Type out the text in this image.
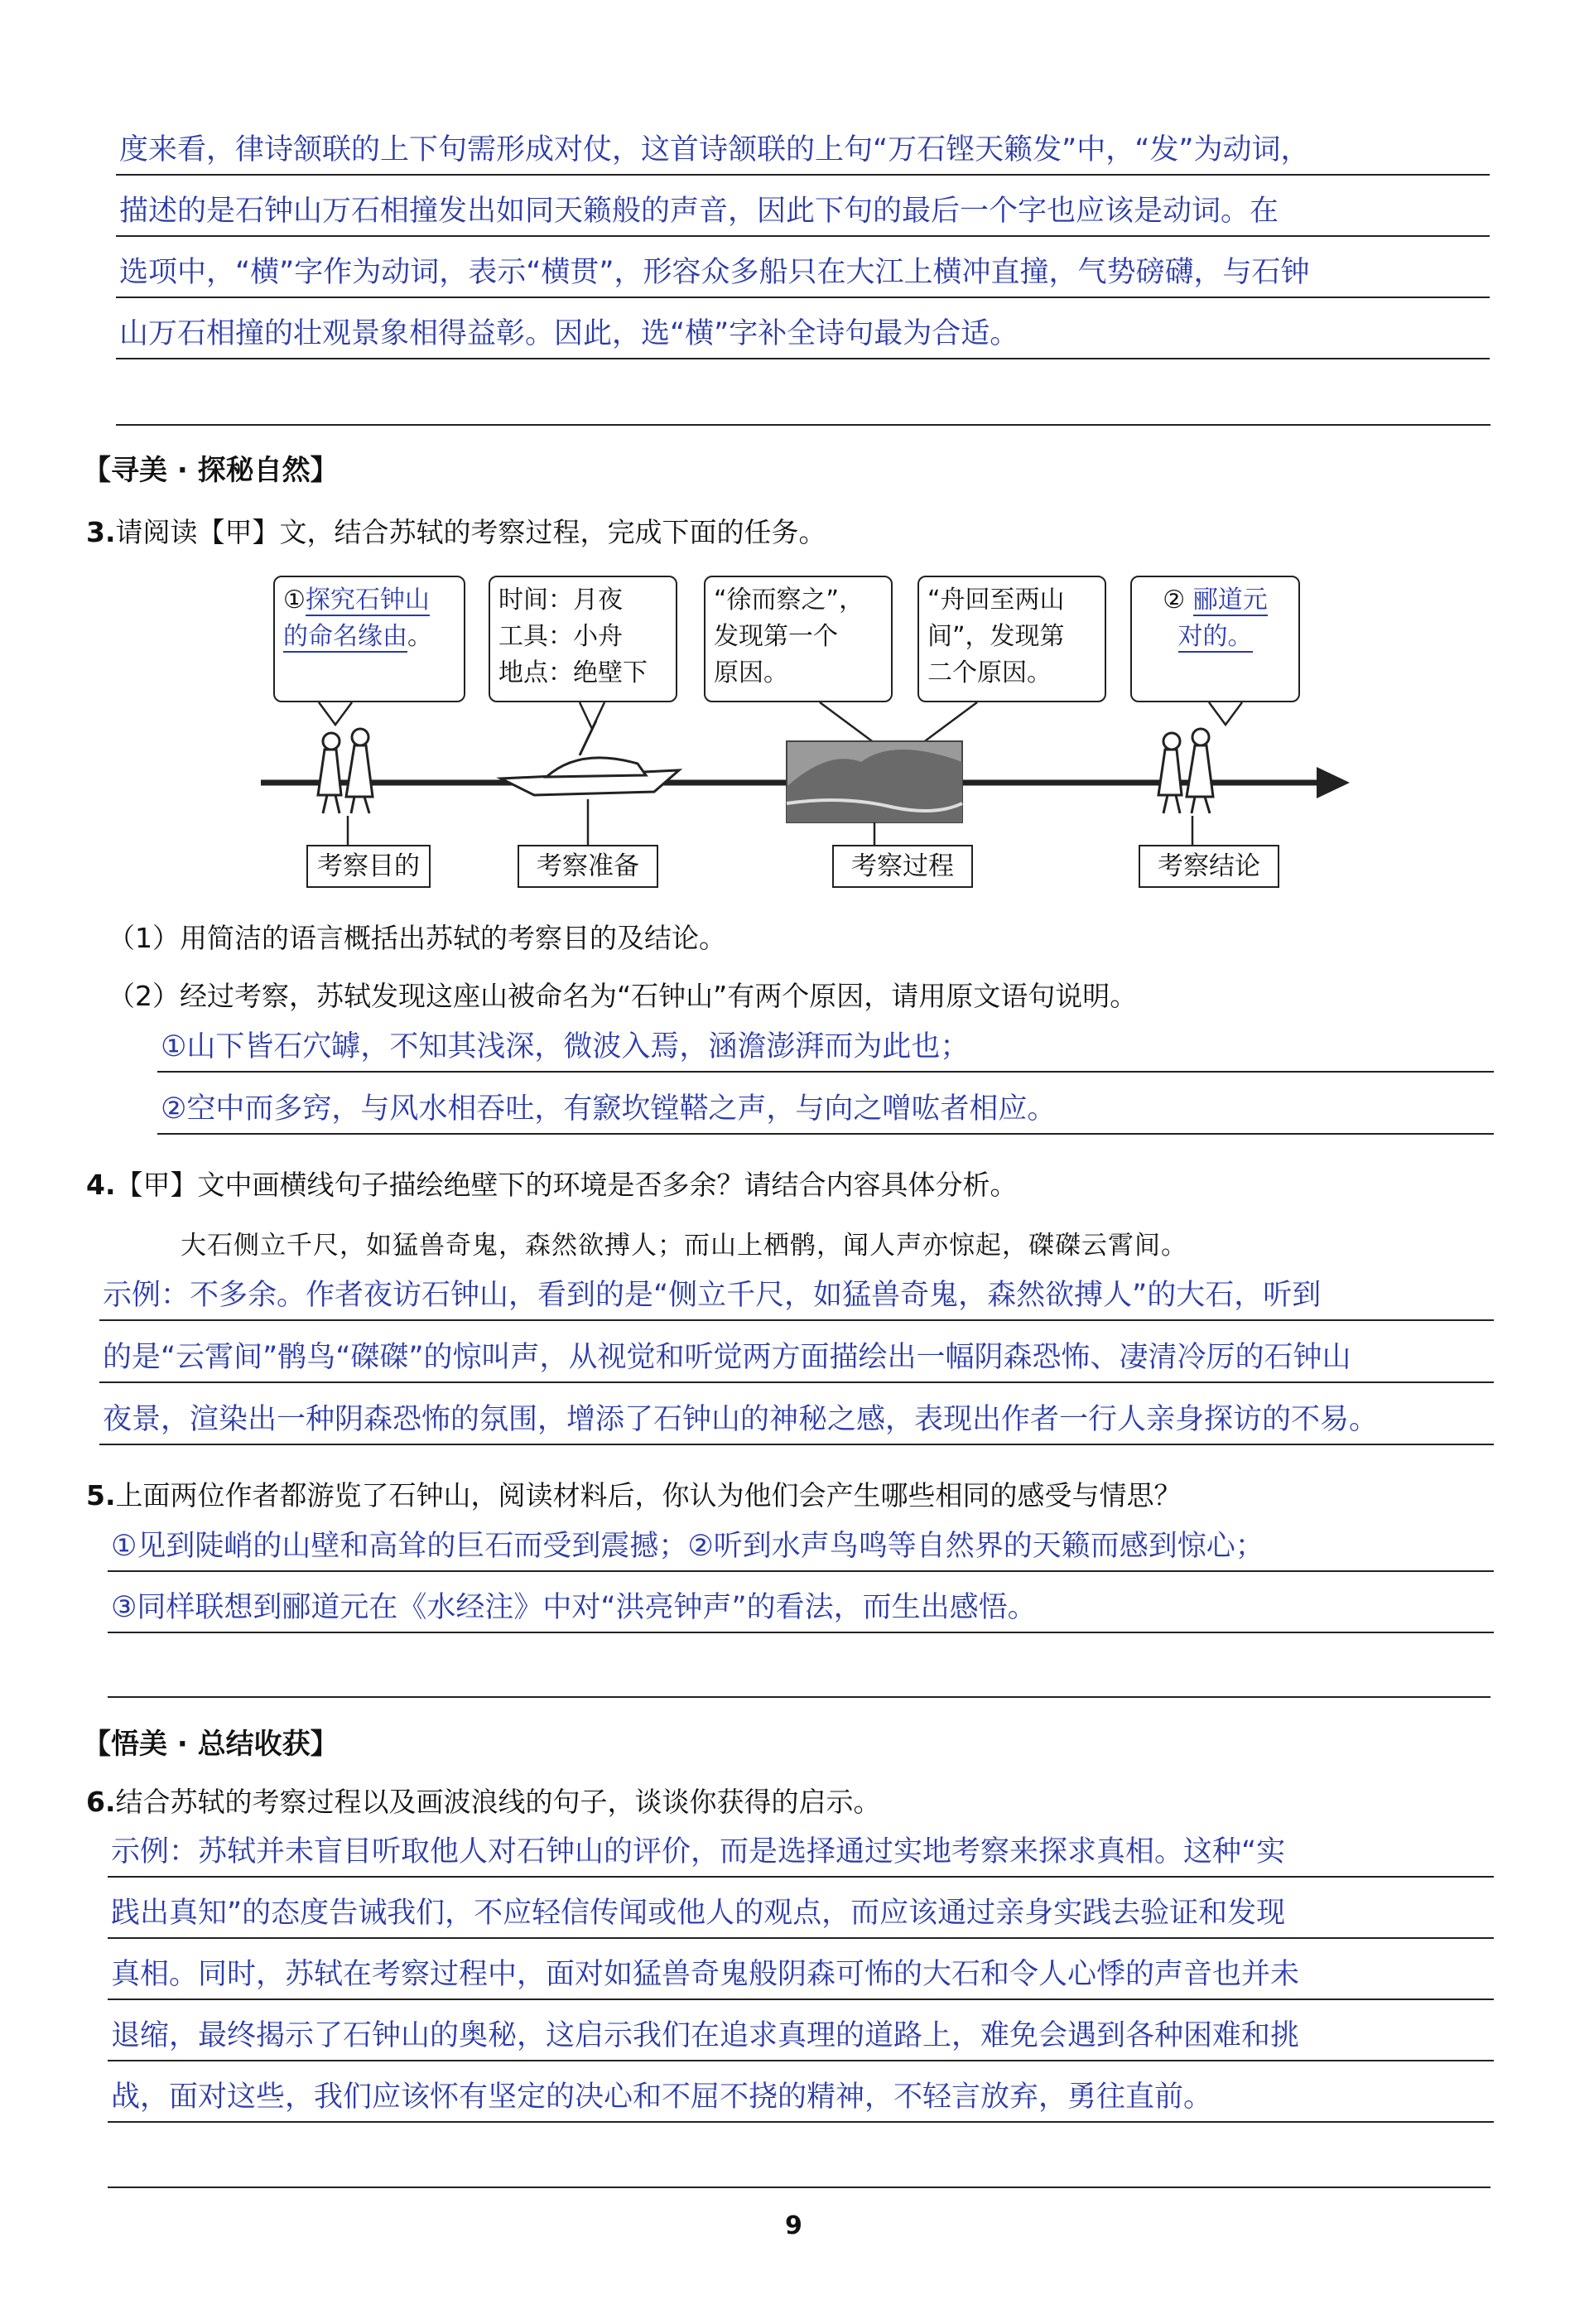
度来看，律诗颔联的上下句需形成对仗，这首诗颔联的上句“万石铿天籁发”中，“发”为动词，
描述的是石钟山万石相撞发出如同天籁般的声音，因此下句的最后一个字也应该是动词。在
选项中，“横”字作为动词，表示“横贯”，形容众多船只在大江上横冲直撞，气势磅礴，与石钟
山万石相撞的壮观景象相得益彰。因此，选“横”字补全诗句最为合适。
【寻美 · 探秘自然】
3.请阅读【甲】文，结合苏轼的考察过程，完成下面的任务。
①探究石钟山
的命名缘由。
时间：月夜
工具：小舟
地点：绝壁下
“徐而察之”，
发现第一个
原因。
“舟回至两山
间”，发现第
二个原因。
② 郦道元
对的。
考察目的	考察准备	考察过程	考察结论
（1）用简洁的语言概括出苏轼的考察目的及结论。
（2）经过考察，苏轼发现这座山被命名为“石钟山”有两个原因，请用原文语句说明。
①山下皆石穴罅，不知其浅深，微波入焉，涵澹澎湃而为此也；
②空中而多窍，与风水相吞吐，有窾坎镗鞳之声，与向之噌吰者相应。
4.【甲】文中画横线句子描绘绝壁下的环境是否多余？请结合内容具体分析。
大石侧立千尺，如猛兽奇鬼，森然欲搏人；而山上栖鹘，闻人声亦惊起，磔磔云霄间。
示例：不多余。作者夜访石钟山，看到的是“侧立千尺，如猛兽奇鬼，森然欲搏人”的大石，听到
的是“云霄间”鹘鸟“磔磔”的惊叫声，从视觉和听觉两方面描绘出一幅阴森恐怖、凄清冷厉的石钟山
夜景，渲染出一种阴森恐怖的氛围，增添了石钟山的神秘之感，表现出作者一行人亲身探访的不易。
5.上面两位作者都游览了石钟山，阅读材料后，你认为他们会产生哪些相同的感受与情思？
①见到陡峭的山壁和高耸的巨石而受到震撼；②听到水声鸟鸣等自然界的天籁而感到惊心；
③同样联想到郦道元在《水经注》中对“洪亮钟声”的看法，而生出感悟。
【悟美 · 总结收获】
6.结合苏轼的考察过程以及画波浪线的句子，谈谈你获得的启示。
示例：苏轼并未盲目听取他人对石钟山的评价，而是选择通过实地考察来探求真相。这种“实
践出真知”的态度告诫我们，不应轻信传闻或他人的观点，而应该通过亲身实践去验证和发现
真相。同时，苏轼在考察过程中，面对如猛兽奇鬼般阴森可怖的大石和令人心悸的声音也并未
退缩，最终揭示了石钟山的奥秘，这启示我们在追求真理的道路上，难免会遇到各种困难和挑
战，面对这些，我们应该怀有坚定的决心和不屈不挠的精神，不轻言放弃，勇往直前。
9
